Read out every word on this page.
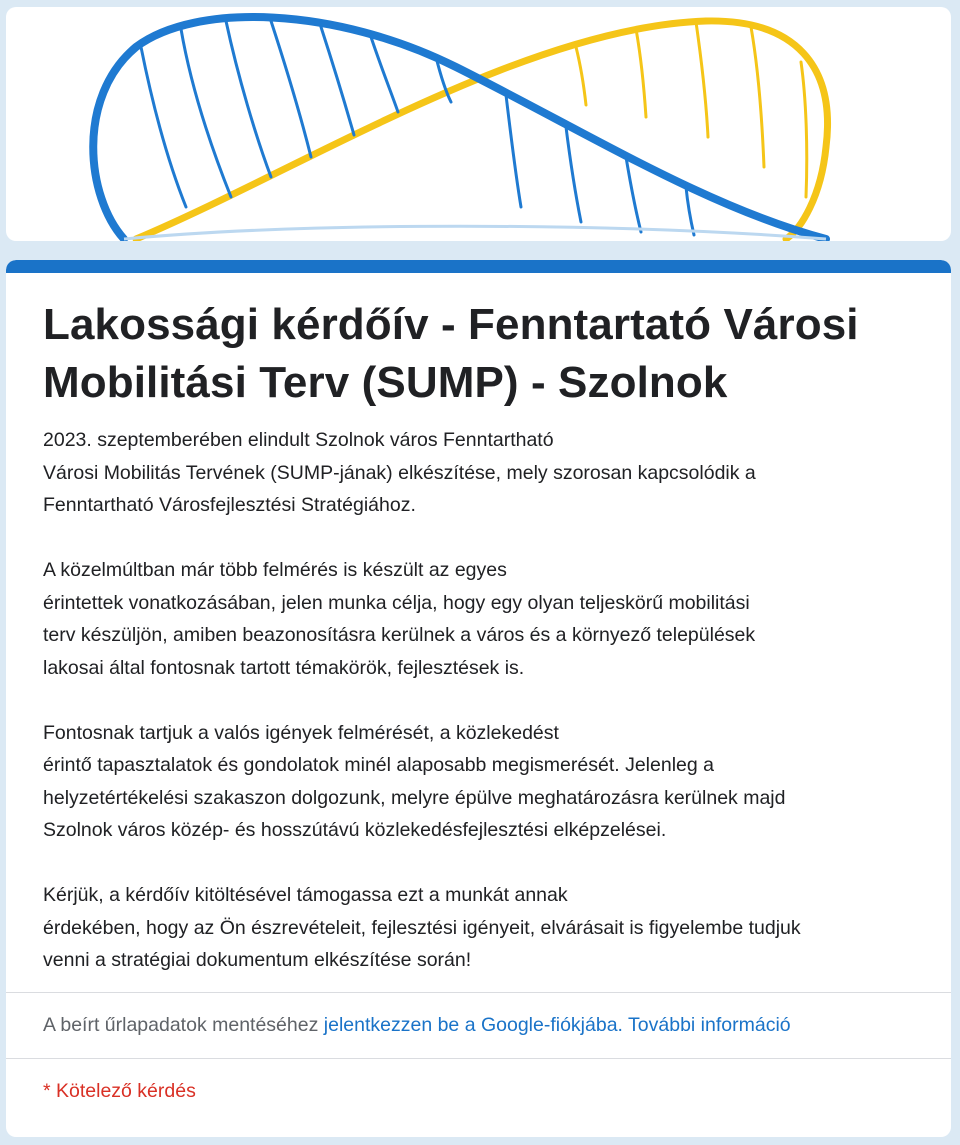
Lakossági kérdőív - Fenntartató Városi Mobilitási Terv (SUMP) - Szolnok
2023. szeptemberében elindult Szolnok város Fenntartható
Városi Mobilitás Tervének (SUMP-jának) elkészítése, mely szorosan kapcsolódik a
Fenntartható Városfejlesztési Stratégiához.

A közelmúltban már több felmérés is készült az egyes
érintettek vonatkozásában, jelen munka célja, hogy egy olyan teljeskörű mobilitási
terv készüljön, amiben beazonosításra kerülnek a város és a környező települések
lakosai által fontosnak tartott témakörök, fejlesztések is.

Fontosnak tartjuk a valós igények felmérését, a közlekedést
érintő tapasztalatok és gondolatok minél alaposabb megismerését. Jelenleg a
helyzetértékelési szakaszon dolgozunk, melyre épülve meghatározásra kerülnek majd
Szolnok város közép- és hosszútávú közlekedésfejlesztési elképzelései.

Kérjük, a kérdőív kitöltésével támogassa ezt a munkát annak
érdekében, hogy az Ön észrevételeit, fejlesztési igényeit, elvárásait is figyelembe tudjuk
venni a stratégiai dokumentum elkészítése során!
A beírt űrlapadatok mentéséhez jelentkezzen be a Google-fiókjába. További információ
* Kötelező kérdés
